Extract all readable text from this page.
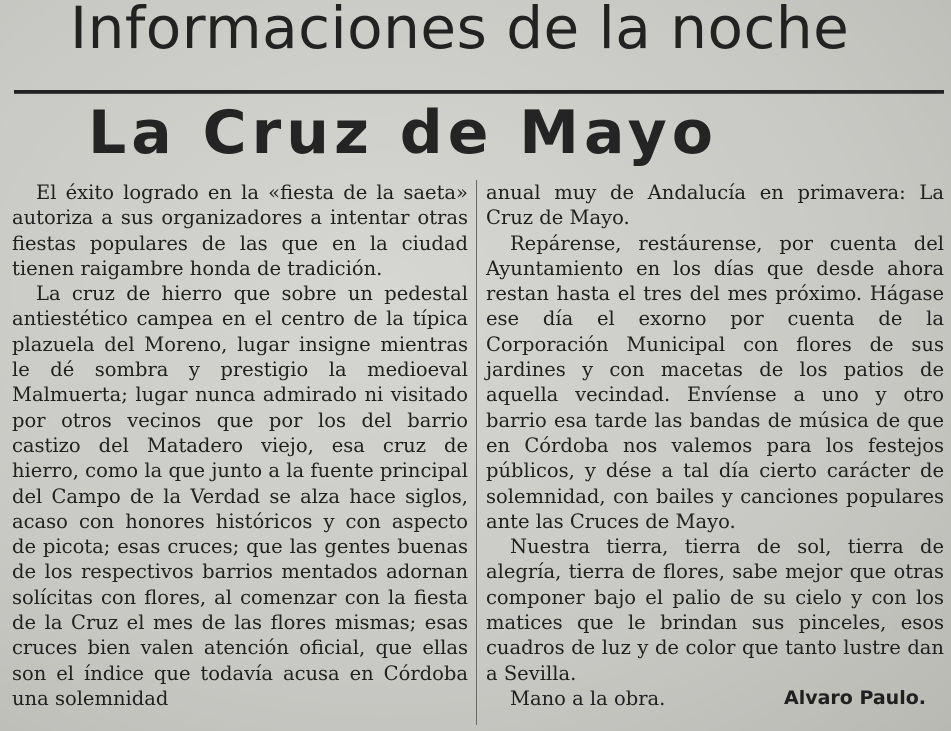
Informaciones de la noche
La Cruz de Mayo

El éxito logrado en la «fiesta de la saeta» autoriza a sus organizadores a intentar otras fiestas populares de las que en la ciudad tienen raigambre honda de tradición.

La cruz de hierro que sobre un pedestal antiestético campea en el centro de la típica plazuela del Moreno, lugar insigne mientras le dé sombra y prestigio la medioeval Malmuerta; lugar nunca admirado ni visitado por otros vecinos que por los del barrio castizo del Matadero viejo, esa cruz de hierro, como la que junto a la fuente principal del Campo de la Verdad se alza hace siglos, acaso con honores históricos y con aspecto de picota; esas cruces; que las gentes buenas de los respectivos barrios mentados adornan solícitas con flores, al comenzar con la fiesta de la Cruz el mes de las flores mismas; esas cruces bien valen atención oficial, que ellas son el índice que todavía acusa en Córdoba una solemnidad

anual muy de Andalucía en primavera: La Cruz de Mayo.

Repárense, restáurense, por cuenta del Ayuntamiento en los días que desde ahora restan hasta el tres del mes próximo. Hágase ese día el exorno por cuenta de la Corporación Municipal con flores de sus jardines y con macetas de los patios de aquella vecindad. Envíense a uno y otro barrio esa tarde las bandas de música de que en Córdoba nos valemos para los festejos públicos, y dése a tal día cierto carácter de solemnidad, con bailes y canciones populares ante las Cruces de Mayo.

Nuestra tierra, tierra de sol, tierra de alegría, tierra de flores, sabe mejor que otras componer bajo el palio de su cielo y con los matices que le brindan sus pinceles, esos cuadros de luz y de color que tanto lustre dan a Sevilla.

Mano a la obra.	Alvaro Paulo.
